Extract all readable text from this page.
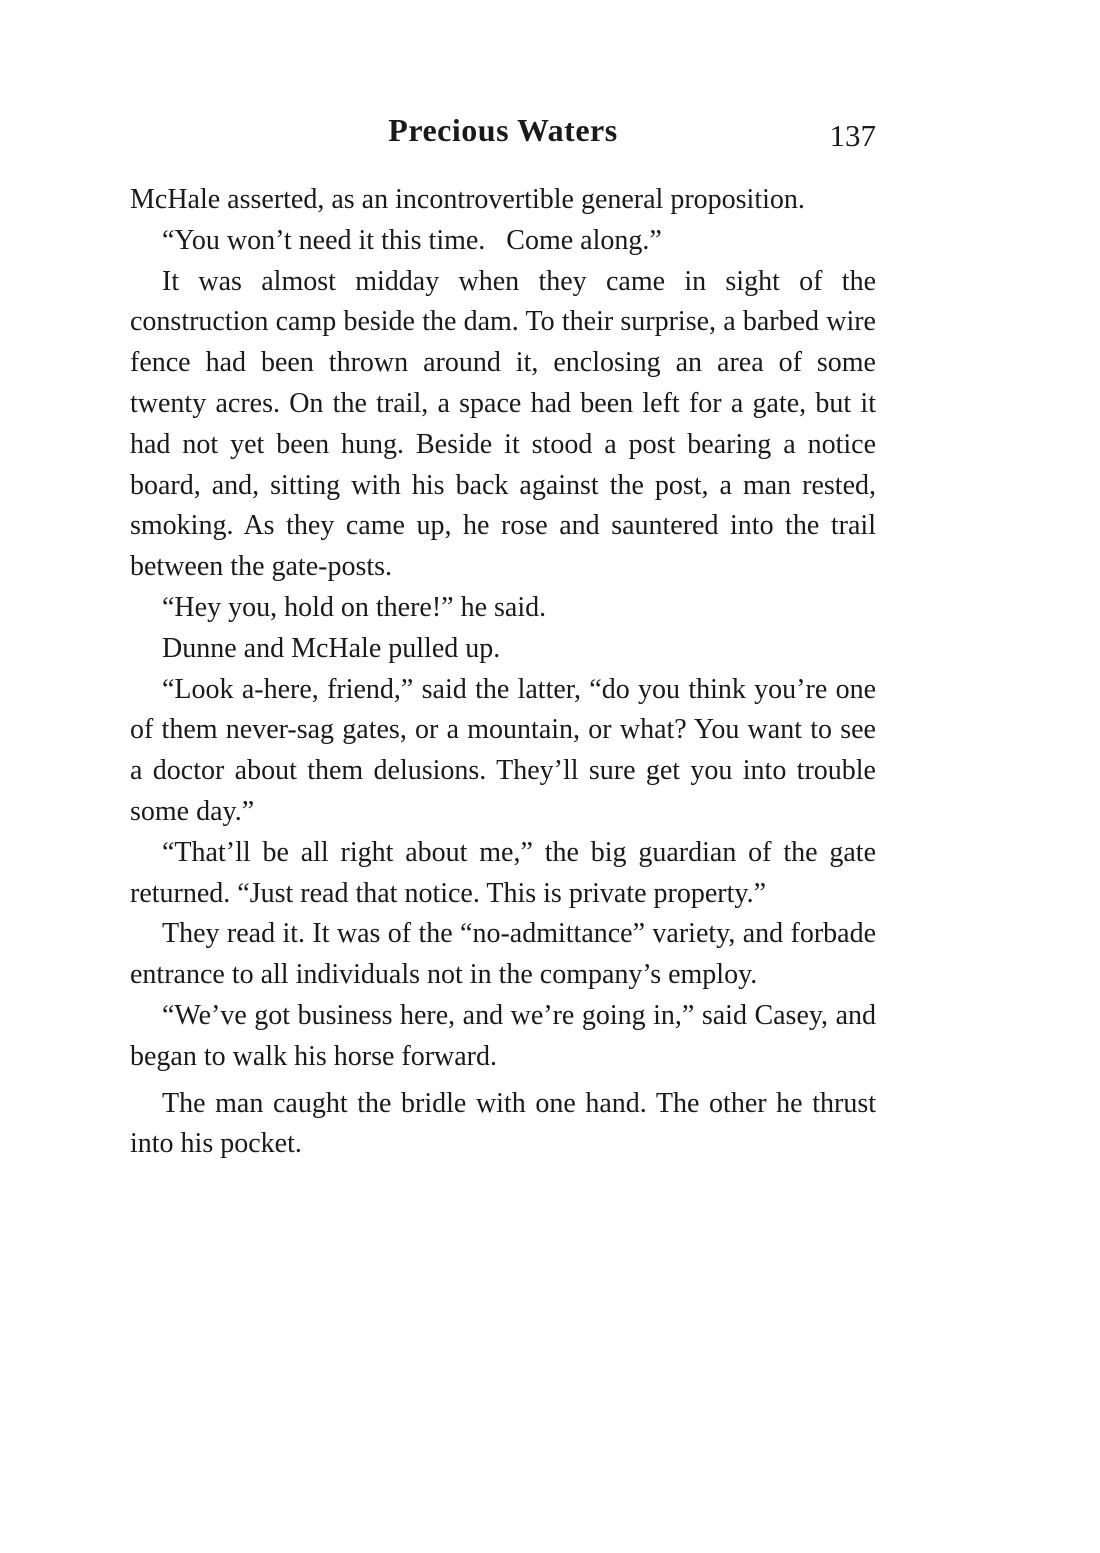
Precious Waters	137

McHale asserted, as an incontrovertible general proposition.

“You won’t need it this time.   Come along.”

It was almost midday when they came in sight of the construction camp beside the dam. To their surprise, a barbed wire fence had been thrown around it, enclosing an area of some twenty acres. On the trail, a space had been left for a gate, but it had not yet been hung. Beside it stood a post bearing a notice board, and, sitting with his back against the post, a man rested, smoking. As they came up, he rose and sauntered into the trail between the gate-posts.

“Hey you, hold on there!” he said.

Dunne and McHale pulled up.

“Look a-here, friend,” said the latter, “do you think you’re one of them never-sag gates, or a mountain, or what? You want to see a doctor about them delusions. They’ll sure get you into trouble some day.”

“That’ll be all right about me,” the big guardian of the gate returned. “Just read that notice. This is private property.”

They read it. It was of the “no-admittance” variety, and forbade entrance to all individuals not in the company’s employ.

“We’ve got business here, and we’re going in,” said Casey, and began to walk his horse forward.

The man caught the bridle with one hand. The other he thrust into his pocket.
